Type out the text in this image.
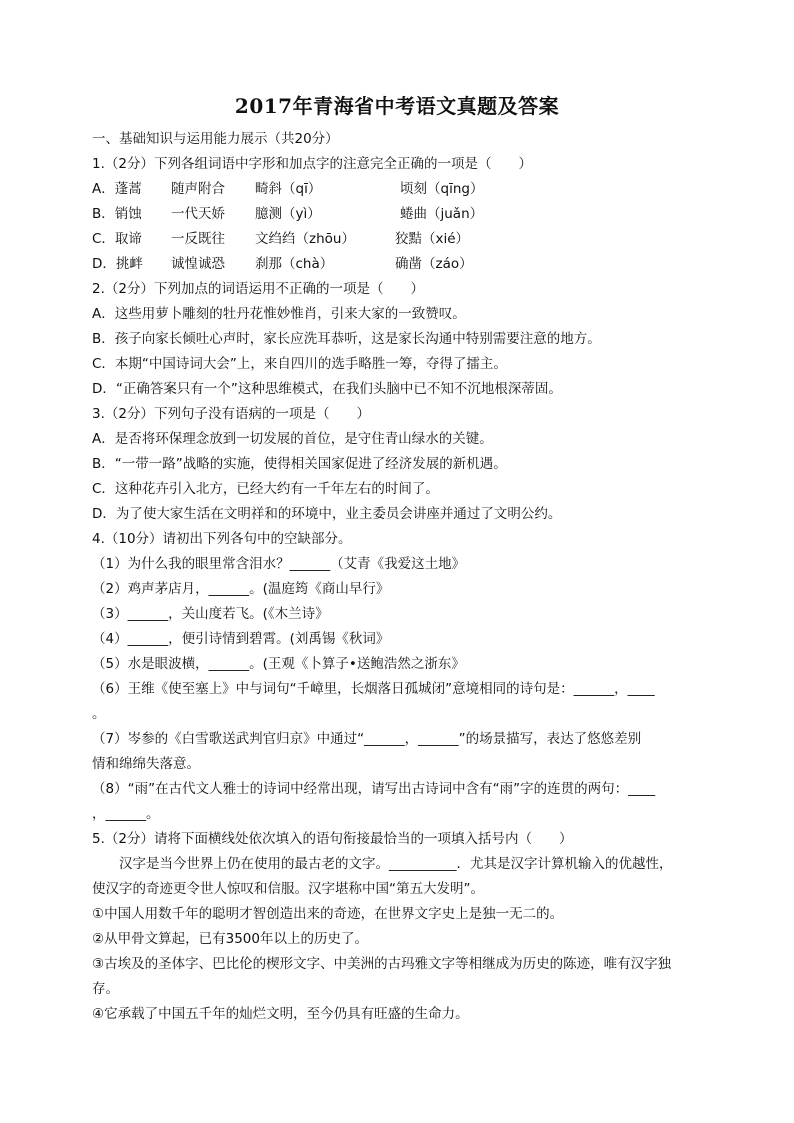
2017年青海省中考语文真题及答案
一、基础知识与运用能力展示（共20分）
1.（2分）下列各组词语中字形和加点字的注意完全正确的一项是（　　）
A．蓬蒿 随声附合 畸斜（qī）	顷刻（qīng）
B．销蚀 一代天娇 臆测（yì）	蜷曲（juǎn）
C．取谛 一反既往 文绉绉（zhōu）	狡黠（xié）
D．挑衅 诚惶诚恐 刹那（chà）	确凿（záo）
2.（2分）下列加点的词语运用不正确的一项是（　　）
A．这些用萝卜雕刻的牡丹花惟妙惟肖，引来大家的一致赞叹。
B．孩子向家长倾吐心声时，家长应洗耳恭听，这是家长沟通中特别需要注意的地方。
C．本期“中国诗词大会”上，来自四川的选手略胜一筹，夺得了擂主。
D．“正确答案只有一个”这种思维模式，在我们头脑中已不知不沉地根深蒂固。
3.（2分）下列句子没有语病的一项是（　　）
A．是否将环保理念放到一切发展的首位，是守住青山绿水的关键。
B．“一带一路”战略的实施，使得相关国家促进了经济发展的新机遇。
C．这种花卉引入北方，已经大约有一千年左右的时间了。
D．为了使大家生活在文明祥和的环境中，业主委员会讲座并通过了文明公约。
4.（10分）请初出下列各句中的空缺部分。
（1）为什么我的眼里常含泪水？______（艾青《我爱这土地》
（2）鸡声茅店月，______。(温庭筠《商山早行》
（3）______，关山度若飞。(《木兰诗》
（4）______，便引诗情到碧霄。(刘禹锡《秋词》
（5）水是眼波横，______。(王观《卜算子•送鲍浩然之浙东》
（6）王维《使至塞上》中与词句“千嶂里，长烟落日孤城闭”意境相同的诗句是：______，____
。
（7）岑参的《白雪歌送武判官归京》中通过“______，______”的场景描写，表达了悠悠差别
情和绵绵失落意。
（8）“雨”在古代文人雅士的诗词中经常出现，请写出古诗词中含有“雨”字的连贯的两句：____
，______。
5.（2分）请将下面横线处依次填入的语句衔接最恰当的一项填入括号内（　　）
　　汉字是当今世界上仍在使用的最古老的文字。__________．尤其是汉字计算机输入的优越性，
使汉字的奇迹更令世人惊叹和信服。汉字堪称中国“第五大发明”。
①中国人用数千年的聪明才智创造出来的奇迹，在世界文字史上是独一无二的。
②从甲骨文算起，已有3500年以上的历史了。
③古埃及的圣体字、巴比伦的楔形文字、中美洲的古玛雅文字等相继成为历史的陈迹，唯有汉字独
存。
④它承载了中国五千年的灿烂文明，至今仍具有旺盛的生命力。
